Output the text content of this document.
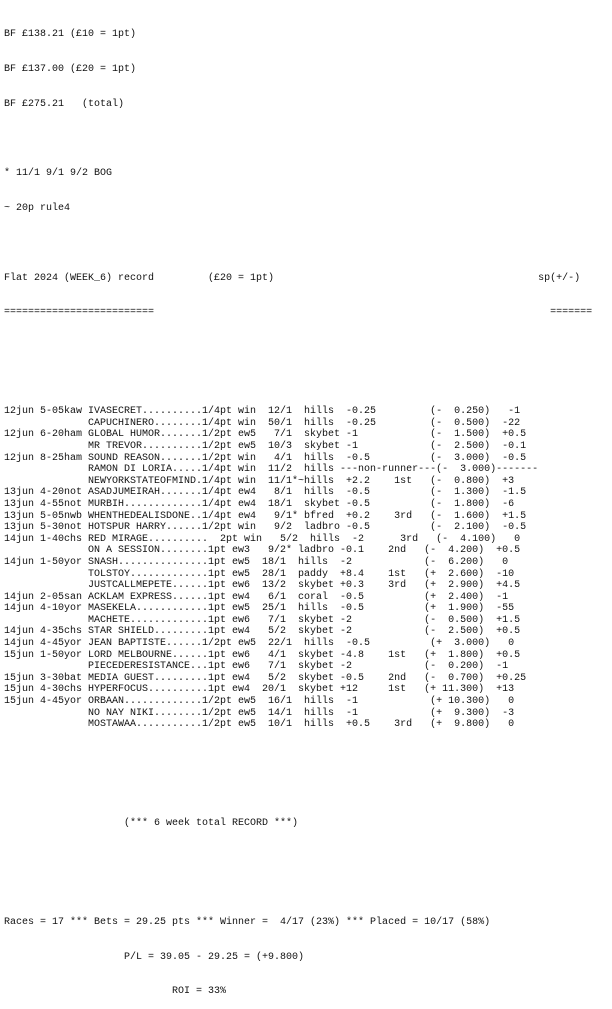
BF £138.21 (£10 = 1pt)

BF £137.00 (£20 = 1pt)

BF £275.21   (total)

* 11/1 9/1 9/2 BOG

~ 20p rule4

Flat 2024 (WEEK_6) record         (£20 = 1pt)                                            sp(+/-)

=========================                                                                  =======

12jun 5-05kaw IVASECRET..........1/4pt win  12/1  hills  -0.25         (-  0.250)   -1
CAPUCHINERO........1/4pt win  50/1  hills  -0.25         (-  0.500)  -22
12jun 6-20ham GLOBAL HUMOR.......1/2pt ew5   7/1  skybet -1            (-  1.500)  +0.5
MR TREVOR..........1/2pt ew5  10/3  skybet -1            (-  2.500)  -0.1
12jun 8-25ham SOUND REASON.......1/2pt win   4/1  hills  -0.5          (-  3.000)  -0.5
RAMON DI LORIA.....1/4pt win  11/2  hills ---non-runner---(-  3.000)-------
NEWYORKSTATEOFMIND.1/4pt win  11/1*~hills  +2.2    1st   (-  0.800)  +3
13jun 4-20not ASADJUMEIRAH.......1/4pt ew4   8/1  hills  -0.5          (-  1.300)  -1.5
13jun 4-55not MURBIH.............1/4pt ew4  18/1  skybet -0.5          (-  1.800)  -6
13jun 5-05nwb WHENTHEDEALISDONE..1/4pt ew4   9/1* bfred  +0.2    3rd   (-  1.600)  +1.5
13jun 5-30not HOTSPUR HARRY......1/2pt win   9/2  ladbro -0.5          (-  2.100)  -0.5
14jun 1-40chs RED MIRAGE..........  2pt win   5/2  hills  -2      3rd   (-  4.100)   0
ON A SESSION........1pt ew3   9/2* ladbro -0.1    2nd   (-  4.200)  +0.5
14jun 1-50yor SNASH...............1pt ew5  18/1  hills  -2            (-  6.200)   0
TOLSTOY.............1pt ew5  28/1  paddy  +8.4    1st   (+  2.600)  -10
JUSTCALLMEPETE......1pt ew6  13/2  skybet +0.3    3rd   (+  2.900)  +4.5
14jun 2-05san ACKLAM EXPRESS......1pt ew4   6/1  coral  -0.5          (+  2.400)  -1
14jun 4-10yor MASEKELA............1pt ew5  25/1  hills  -0.5          (+  1.900)  -55
MACHETE.............1pt ew6   7/1  skybet -2            (-  0.500)  +1.5
14jun 4-35chs STAR SHIELD.........1pt ew4   5/2  skybet -2            (-  2.500)  +0.5
14jun 4-45yor JEAN BAPTISTE......1/2pt ew5  22/1  hills  -0.5          (+  3.000)   0
15jun 1-50yor LORD MELBOURNE......1pt ew6   4/1  skybet -4.8    1st   (+  1.800)  +0.5
PIECEDERESISTANCE...1pt ew6   7/1  skybet -2            (-  0.200)  -1
15jun 3-30bat MEDIA GUEST.........1pt ew4   5/2  skybet -0.5    2nd   (-  0.700)  +0.25
15jun 4-30chs HYPERFOCUS..........1pt ew4  20/1  skybet +12     1st   (+ 11.300)  +13
15jun 4-45yor ORBAAN.............1/2pt ew5  16/1  hills  -1            (+ 10.300)   0
NO NAY NIKI........1/2pt ew5  14/1  hills  -1            (+  9.300)  -3
MOSTAWAA...........1/2pt ew5  10/1  hills  +0.5    3rd   (+  9.800)   0

(*** 6 week total RECORD ***)

Races = 17 *** Bets = 29.25 pts *** Winner =  4/17 (23%) *** Placed = 10/17 (58%)

P/L = 39.05 - 29.25 = (+9.800)

ROI = 33%
